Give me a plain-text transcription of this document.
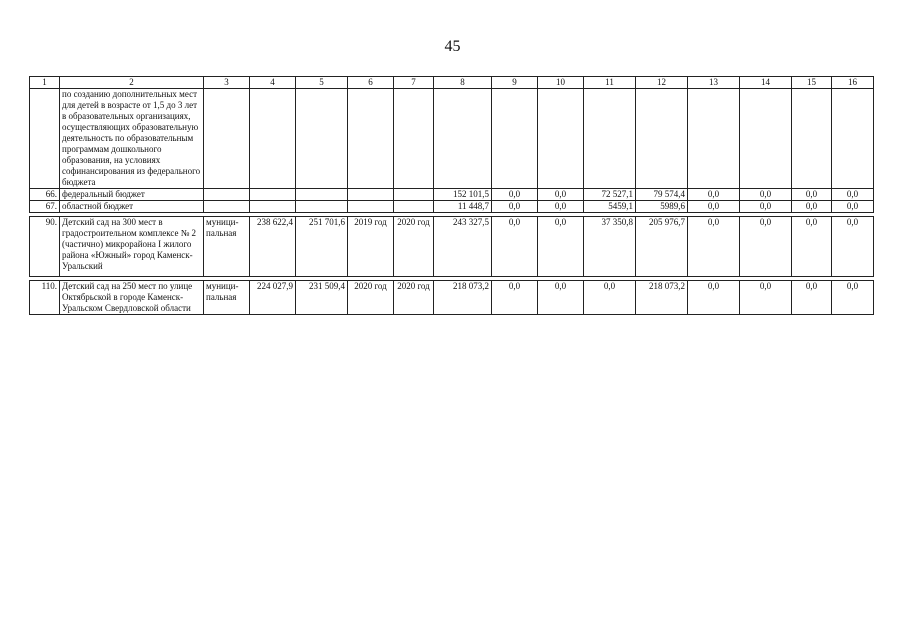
45
1	2	3	4	5	6	7	8	9	10	11	12	13	14	15	16
	по созданию дополнительных мест для детей в возрасте от 1,5 до 3 лет в образовательных организациях, осуществляющих образовательную деятельность по образовательным программам дошкольного образования, на условиях софинансирования из федерального бюджета														
66.	федеральный бюджет						152 101,5	0,0	0,0	72 527,1	79 574,4	0,0	0,0	0,0	0,0
67.	областной бюджет						11 448,7	0,0	0,0	5459,1	5989,6	0,0	0,0	0,0	0,0

90.	Детский сад на 300 мест в градостроительном комплексе № 2 (частично) микрорайона I жилого района «Южный» город Каменск-Уральский	муници-пальная	238 622,4	251 701,6	2019 год	2020 год	243 327,5	0,0	0,0	37 350,8	205 976,7	0,0	0,0	0,0	0,0

110.	Детский сад на 250 мест по улице Октябрьской в городе Каменск-Уральском Свердловской области	муници-пальная	224 027,9	231 509,4	2020 год	2020 год	218 073,2	0,0	0,0	0,0	218 073,2	0,0	0,0	0,0	0,0
